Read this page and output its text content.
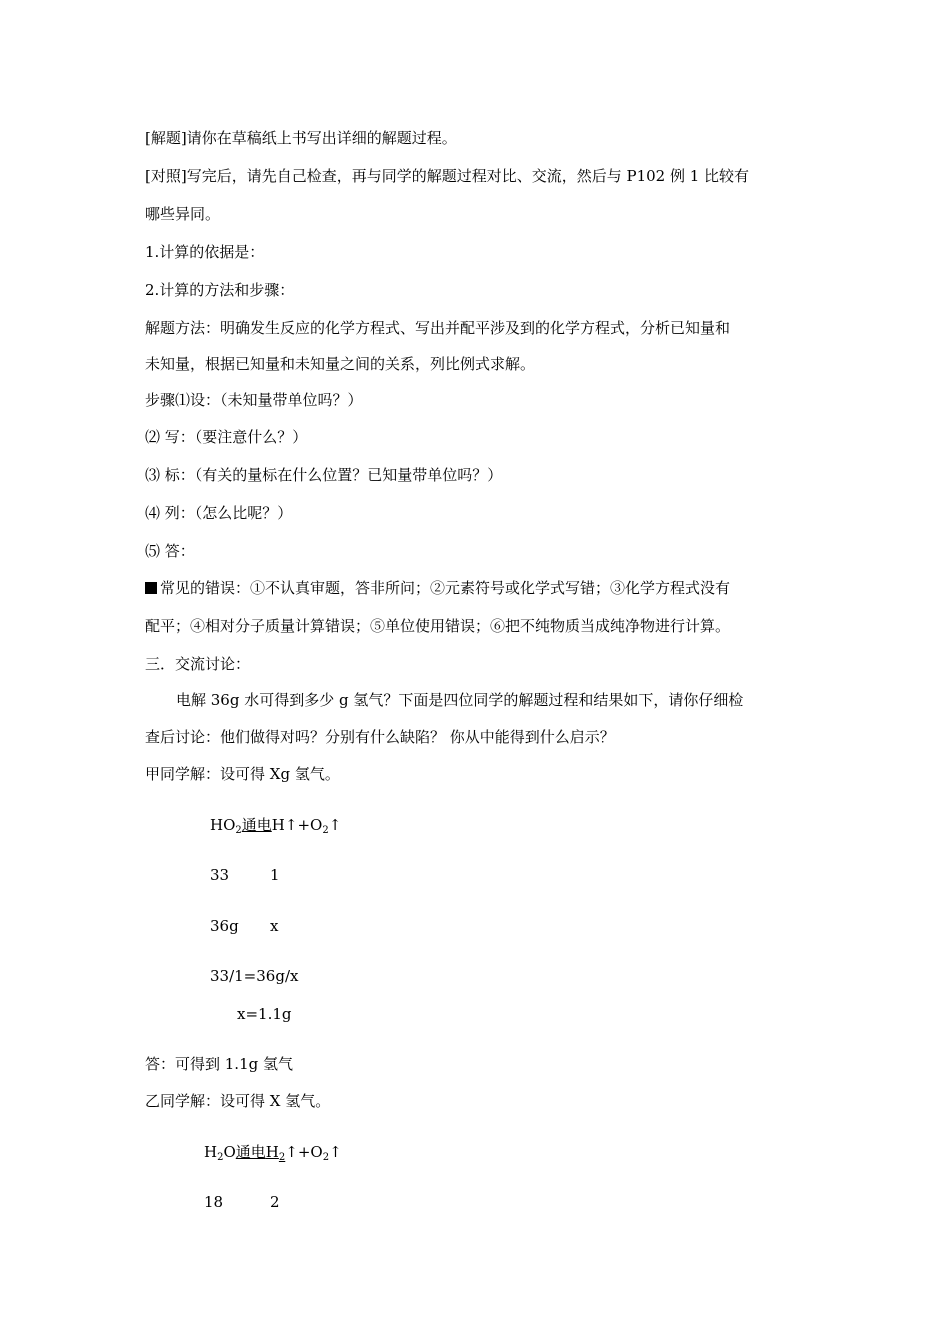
[解题]请你在草稿纸上书写出详细的解题过程。
[对照]写完后，请先自己检查，再与同学的解题过程对比、交流，然后与 P102 例 1 比较有
哪些异同。
1.计算的依据是：
2.计算的方法和步骤：
解题方法：明确发生反应的化学方程式、写出并配平涉及到的化学方程式，分析已知量和
未知量，根据已知量和未知量之间的关系，列比例式求解。
步骤⑴设：（未知量带单位吗？）
⑵ 写：（要注意什么？）
⑶ 标：（有关的量标在什么位置？已知量带单位吗？）
⑷ 列：（怎么比呢？）
⑸ 答：
常见的错误：①不认真审题，答非所问；②元素符号或化学式写错；③化学方程式没有
配平；④相对分子质量计算错误；⑤单位使用错误；⑥把不纯物质当成纯净物进行计算。
三．交流讨论：
电解 36g 水可得到多少 g 氢气？下面是四位同学的解题过程和结果如下，请你仔细检
查后讨论：他们做得对吗？分别有什么缺陷？ 你从中能得到什么启示？
甲同学解：设可得 Xg 氢气。
$HO_2$通电$H↑+O_2↑$
33	1
36g x
33/1=36g/x
x=1.1g
答：可得到 1.1g 氢气
乙同学解：设可得 X 氢气。
$H_2O$通电$H_2↑+O_2↑$
18	2
